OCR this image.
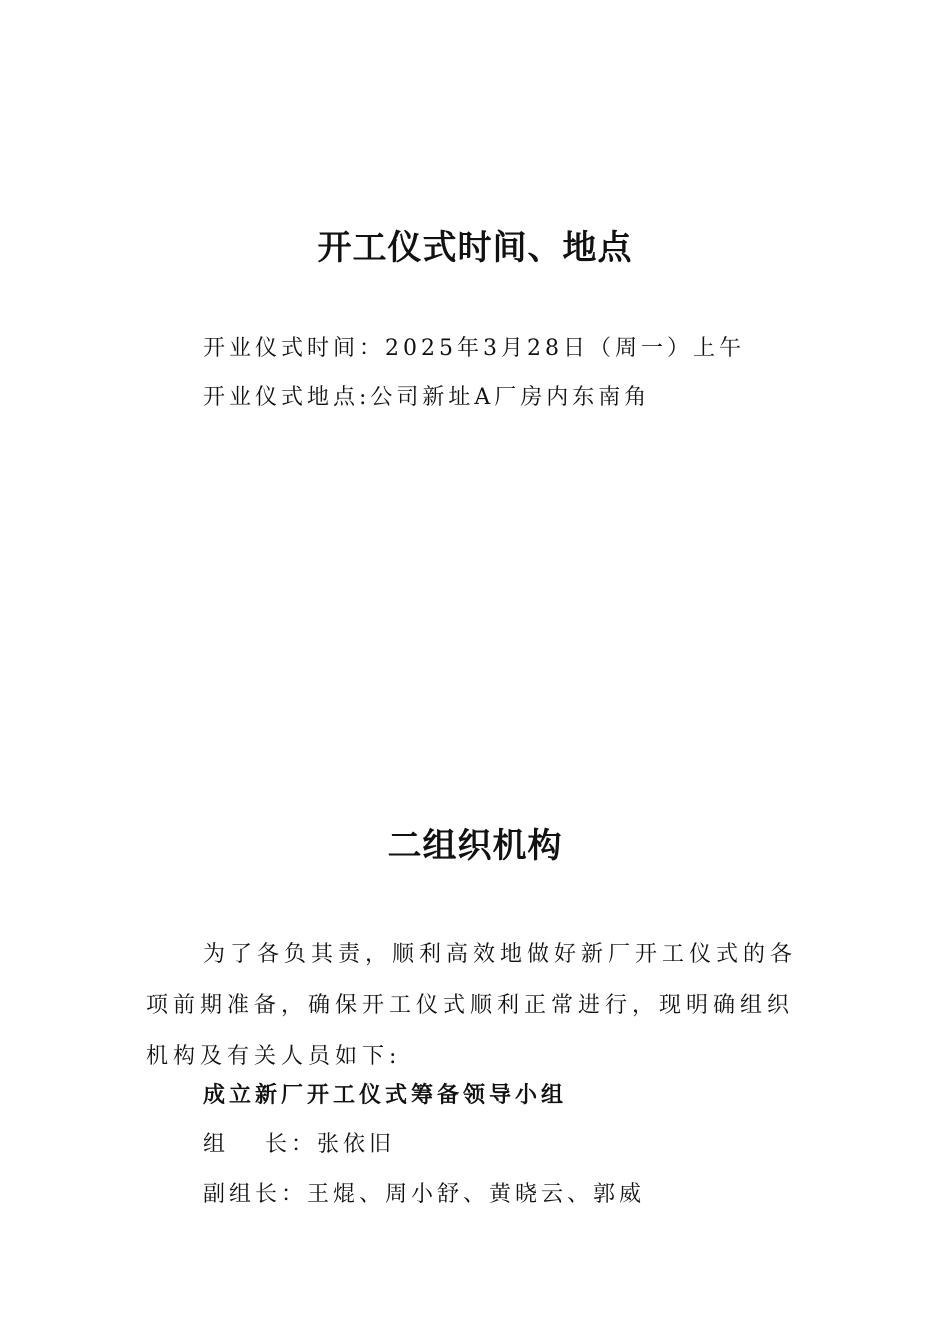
开工仪式时间、地点

开业仪式时间：2025年3月28日（周一）上午

开业仪式地点:公司新址A厂房内东南角

二组织机构

为了各负其责，顺利高效地做好新厂开工仪式的各项前期准备，确保开工仪式顺利正常进行，现明确组织机构及有关人员如下:

成立新厂开工仪式筹备领导小组

组 长：张依旧

副组长：王焜、周小舒、黄晓云、郭威
